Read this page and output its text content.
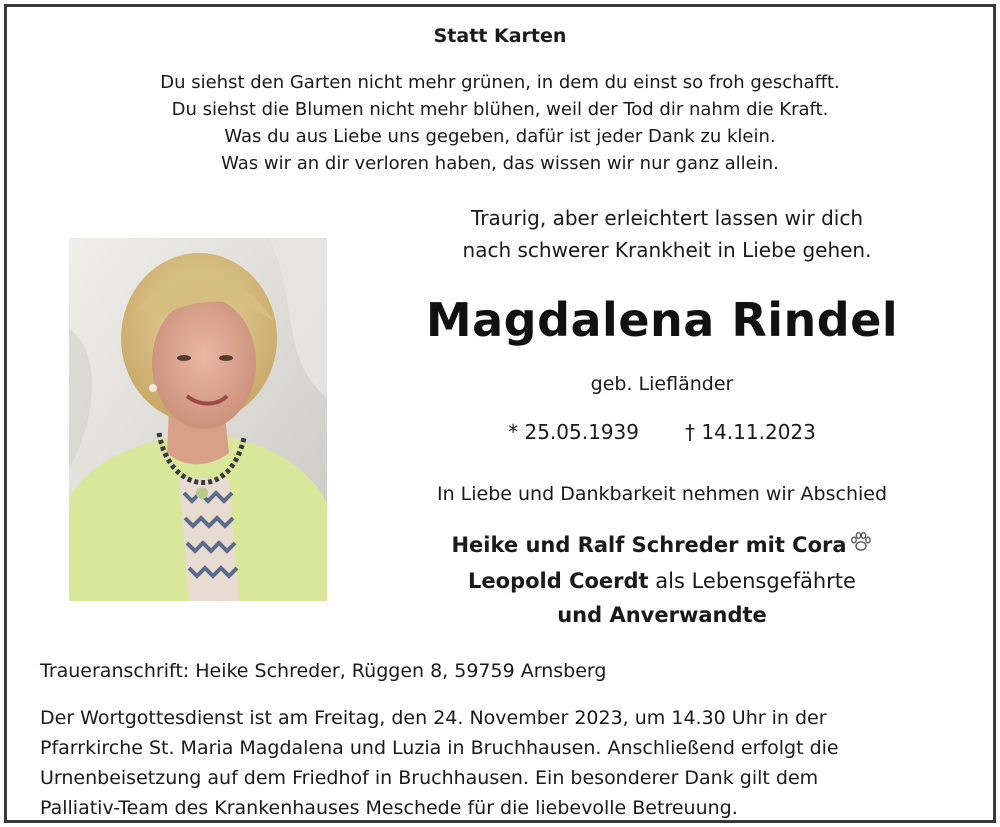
Statt Karten
Du siehst den Garten nicht mehr grünen, in dem du einst so froh geschafft.
Du siehst die Blumen nicht mehr blühen, weil der Tod dir nahm die Kraft.
Was du aus Liebe uns gegeben, dafür ist jeder Dank zu klein.
Was wir an dir verloren haben, das wissen wir nur ganz allein.
Traurig, aber erleichtert lassen wir dich
nach schwerer Krankheit in Liebe gehen.
Magdalena Rindel
geb. Liefländer
* 25.05.1939 † 14.11.2023
In Liebe und Dankbarkeit nehmen wir Abschied
Heike und Ralf Schreder mit Cora
Leopold Coerdt als Lebensgefährte
und Anverwandte
Traueranschrift: Heike Schreder, Rüggen 8, 59759 Arnsberg
Der Wortgottesdienst ist am Freitag, den 24. November 2023, um 14.30 Uhr in der
Pfarrkirche St. Maria Magdalena und Luzia in Bruchhausen. Anschließend erfolgt die
Urnenbeisetzung auf dem Friedhof in Bruchhausen. Ein besonderer Dank gilt dem
Palliativ-Team des Krankenhauses Meschede für die liebevolle Betreuung.
